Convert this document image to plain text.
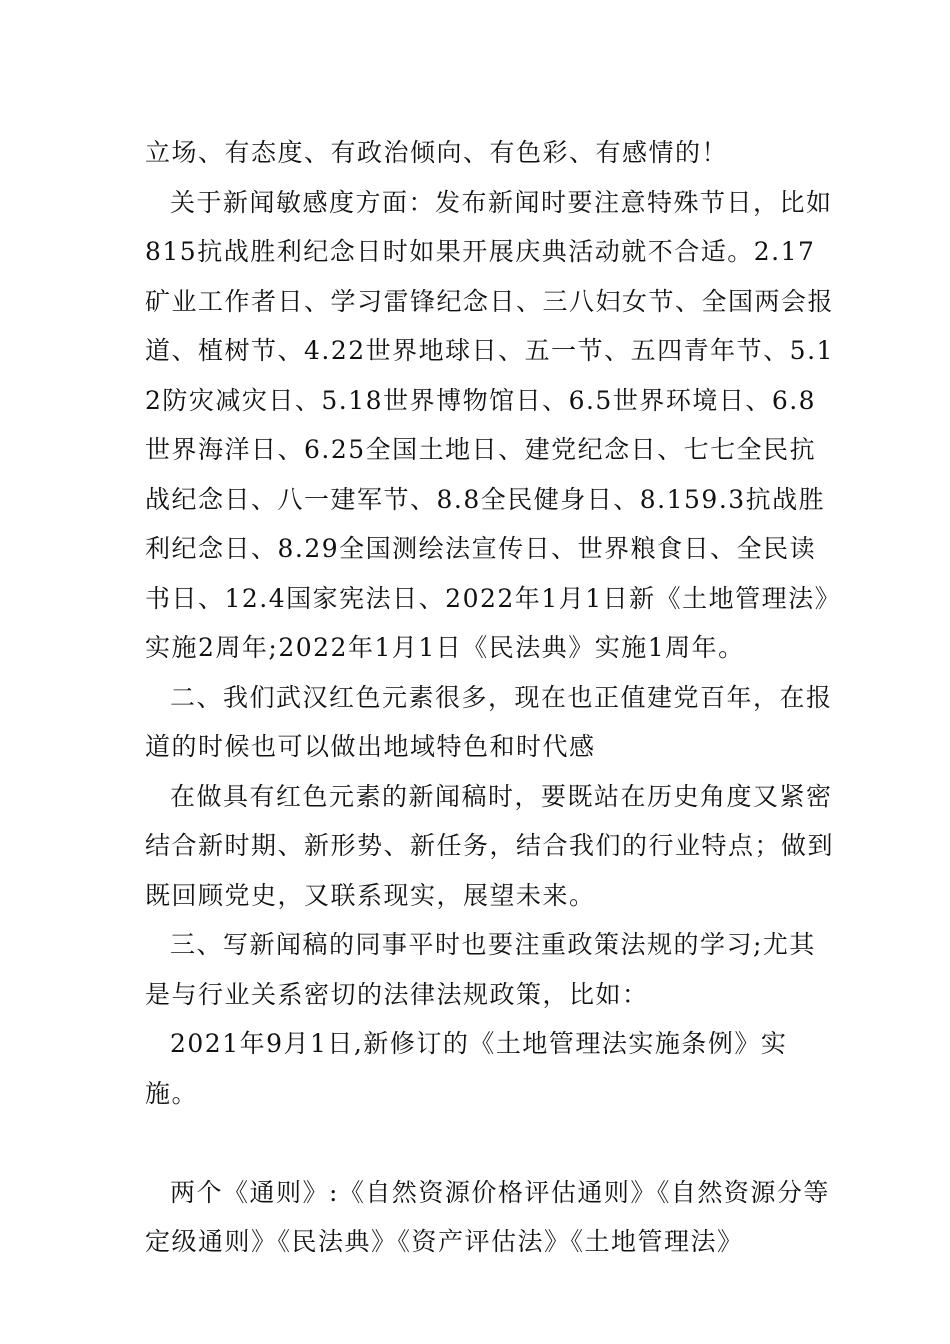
立场、有态度、有政治倾向、有色彩、有感情的！

关于新闻敏感度方面：发布新闻时要注意特殊节日，比如815抗战胜利纪念日时如果开展庆典活动就不合适。2.17矿业工作者日、学习雷锋纪念日、三八妇女节、全国两会报道、植树节、4.22世界地球日、五一节、五四青年节、5.12防灾减灾日、5.18世界博物馆日、6.5世界环境日、6.8世界海洋日、6.25全国土地日、建党纪念日、七七全民抗战纪念日、八一建军节、8.8全民健身日、8.159.3抗战胜利纪念日、8.29全国测绘法宣传日、世界粮食日、全民读书日、12.4国家宪法日、2022年1月1日新《土地管理法》实施2周年;2022年1月1日《民法典》实施1周年。

二、我们武汉红色元素很多，现在也正值建党百年，在报道的时候也可以做出地域特色和时代感

在做具有红色元素的新闻稿时，要既站在历史角度又紧密结合新时期、新形势、新任务，结合我们的行业特点；做到既回顾党史，又联系现实，展望未来。

三、写新闻稿的同事平时也要注重政策法规的学习;尤其是与行业关系密切的法律法规政策，比如：

2021年9月1日,新修订的《土地管理法实施条例》实施。

两个《通则》:《自然资源价格评估通则》《自然资源分等定级通则》《民法典》《资产评估法》《土地管理法》
